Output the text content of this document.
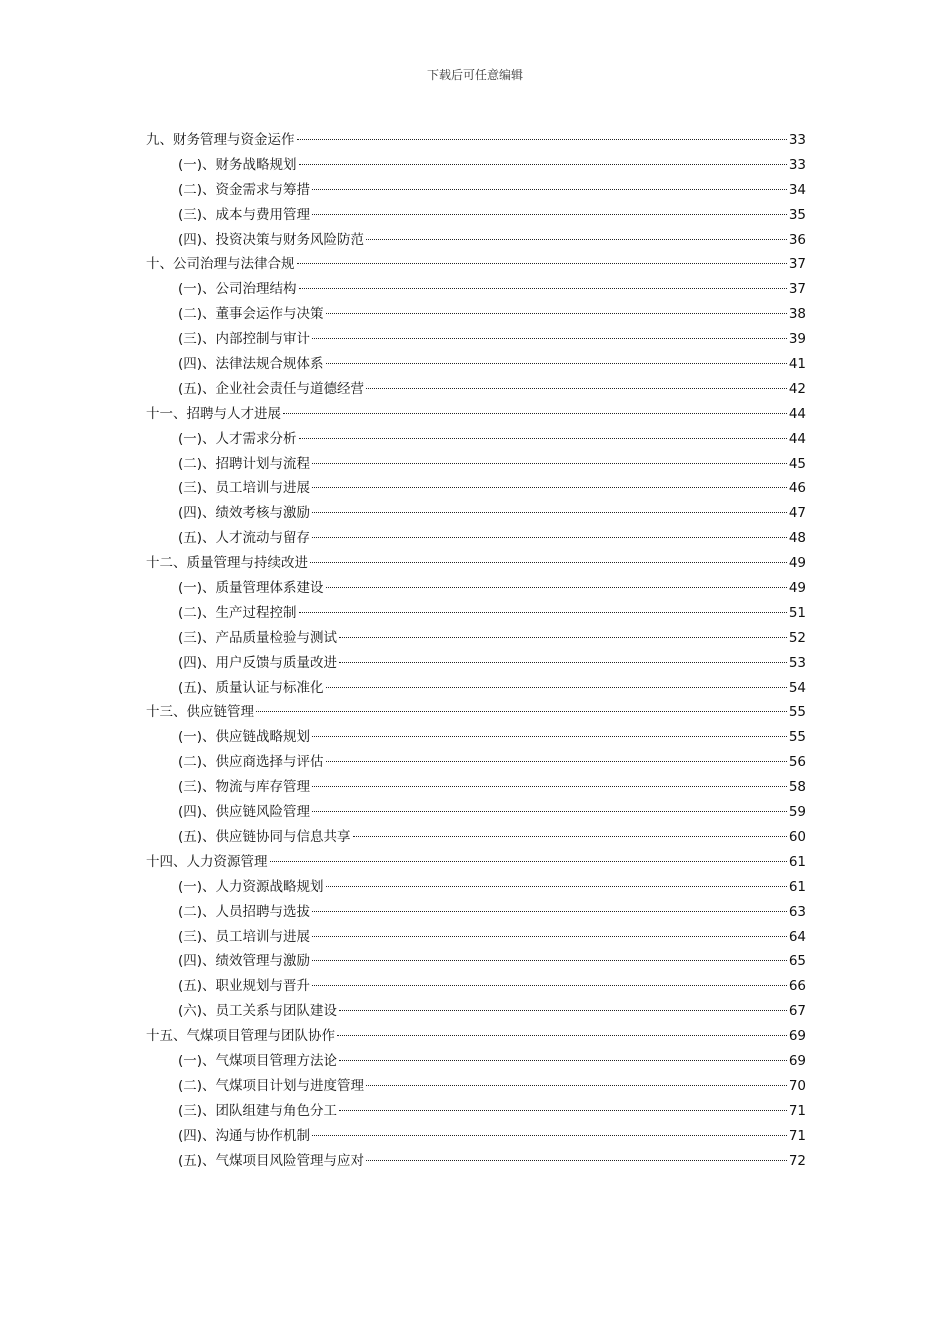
下载后可任意编辑
九、财务管理与资金运作	33
(一)、财务战略规划	33
(二)、资金需求与筹措	34
(三)、成本与费用管理	35
(四)、投资决策与财务风险防范	36
十、公司治理与法律合规	37
(一)、公司治理结构	37
(二)、董事会运作与决策	38
(三)、内部控制与审计	39
(四)、法律法规合规体系	41
(五)、企业社会责任与道德经营	42
十一、招聘与人才进展	44
(一)、人才需求分析	44
(二)、招聘计划与流程	45
(三)、员工培训与进展	46
(四)、绩效考核与激励	47
(五)、人才流动与留存	48
十二、质量管理与持续改进	49
(一)、质量管理体系建设	49
(二)、生产过程控制	51
(三)、产品质量检验与测试	52
(四)、用户反馈与质量改进	53
(五)、质量认证与标准化	54
十三、供应链管理	55
(一)、供应链战略规划	55
(二)、供应商选择与评估	56
(三)、物流与库存管理	58
(四)、供应链风险管理	59
(五)、供应链协同与信息共享	60
十四、人力资源管理	61
(一)、人力资源战略规划	61
(二)、人员招聘与选拔	63
(三)、员工培训与进展	64
(四)、绩效管理与激励	65
(五)、职业规划与晋升	66
(六)、员工关系与团队建设	67
十五、气煤项目管理与团队协作	69
(一)、气煤项目管理方法论	69
(二)、气煤项目计划与进度管理	70
(三)、团队组建与角色分工	71
(四)、沟通与协作机制	71
(五)、气煤项目风险管理与应对	72
